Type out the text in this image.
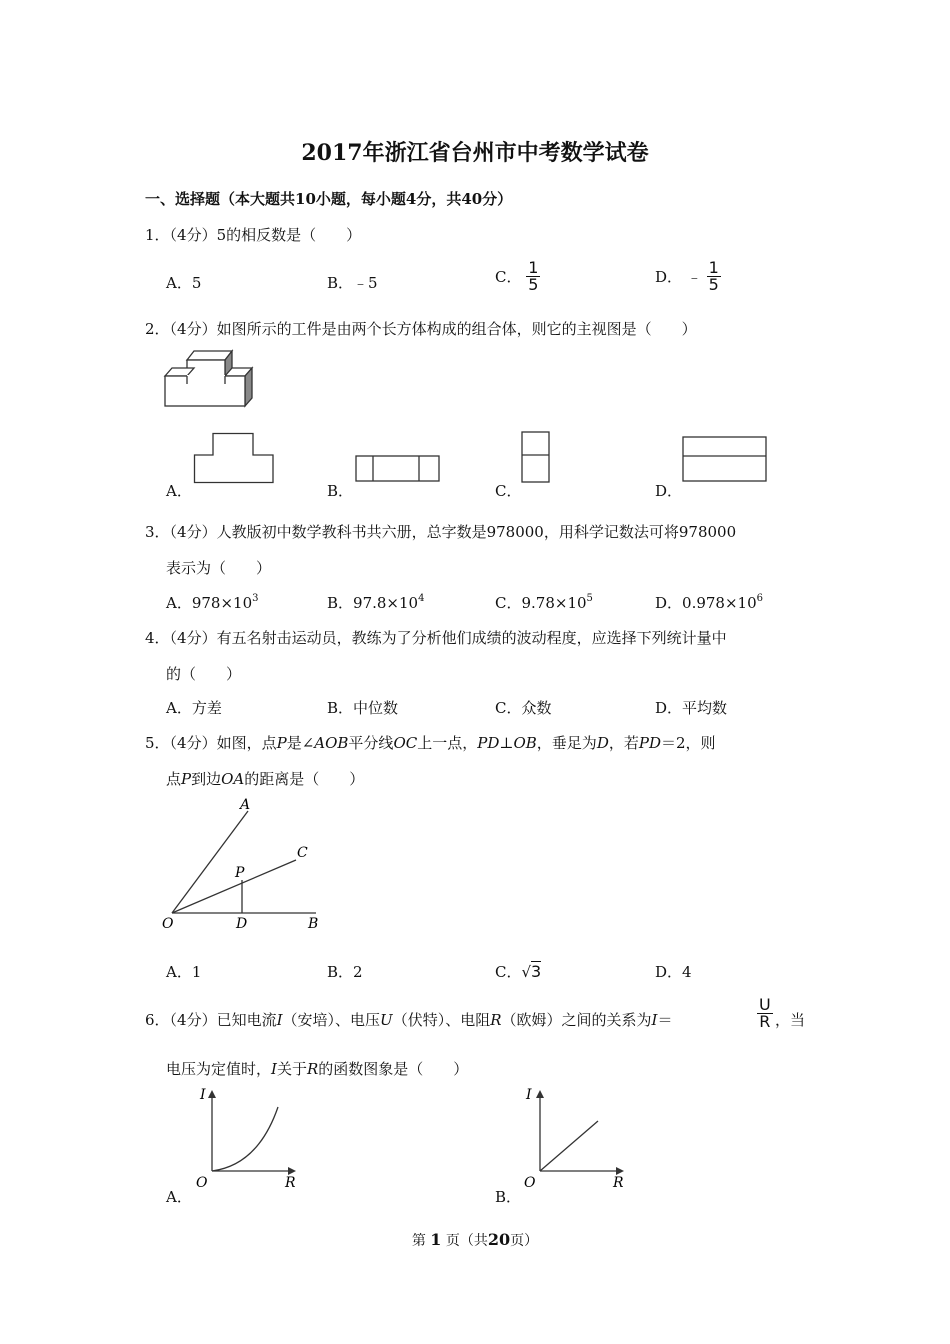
2017年浙江省台州市中考数学试卷
一、选择题（本大题共10小题，每小题4分，共40分）
1．（4分）5的相反数是（　　）
A．5	B．﹣5	C． $\frac{1}{5}$	D． ﹣ $\frac{1}{5}$
2．（4分）如图所示的工件是由两个长方体构成的组合体，则它的主视图是（　　）
A．	B．	C．	D．
3．（4分）人教版初中数学教科书共六册，总字数是978000，用科学记数法可将978000
表示为（　　）
A．$978\times 10^3$	B．$97.8\times 10^4$	C．$9.78\times 10^5$	D．$0.978\times 10^6$
4．（4分）有五名射击运动员，教练为了分析他们成绩的波动程度，应选择下列统计量中
的（　　）
A．方差	B．中位数	C．众数	D．平均数
5．（4分）如图，点P是∠AOB平分线OC上一点，PD⊥OB，垂足为D，若PD＝2，则
点P到边OA的距离是（　　）
A
C
P
O	D	B
A．1	B．2	C．√3	D．4
6．（4分）已知电流I（安培）、电压U（伏特）、电阻R（欧姆）之间的关系为I＝	$\frac{U}{R}$ ，当
电压为定值时，I关于R的函数图象是（　　）
I
O	R
A．
I
O	R
B．
第 1 页（共20页）
